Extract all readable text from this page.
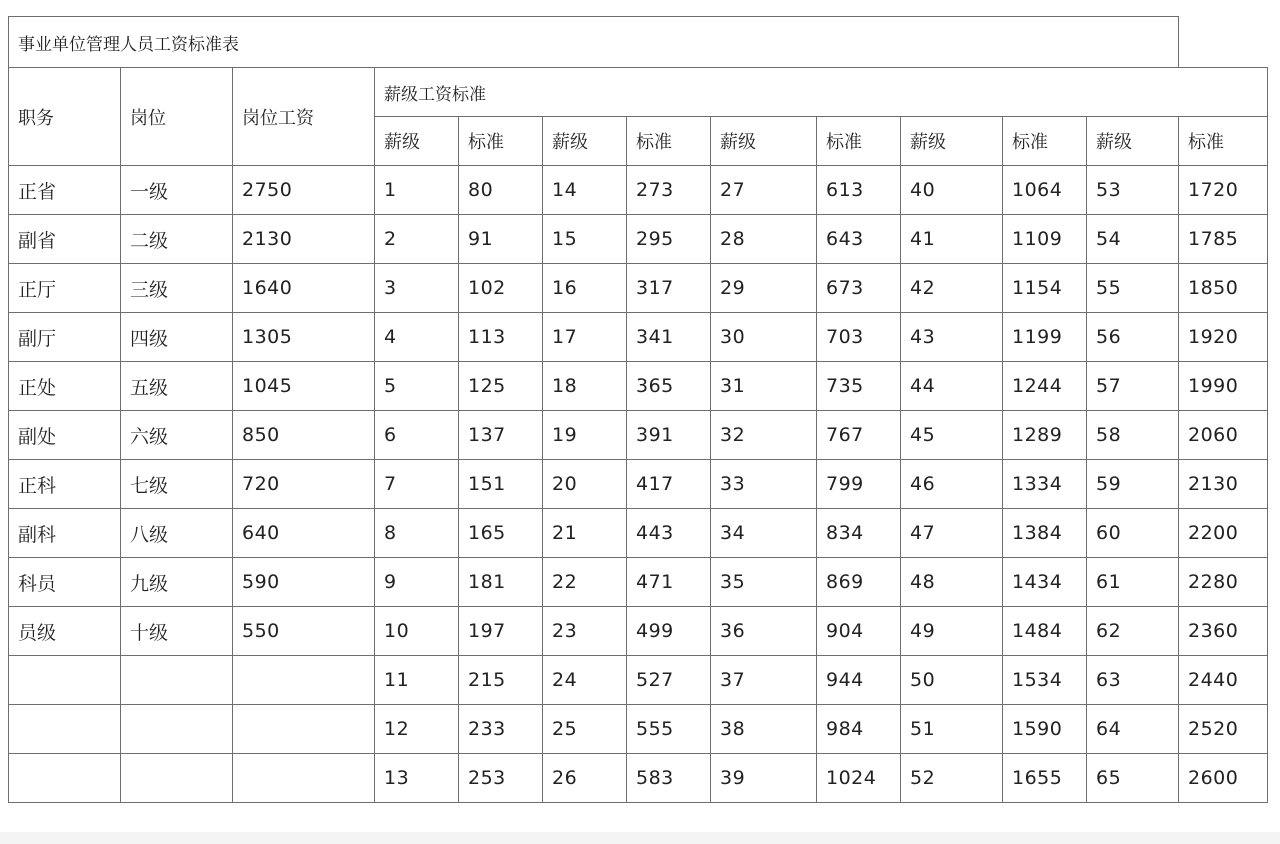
事业单位管理人员工资标准表												
职务	岗位	岗位工资	薪级工资标准									
			薪级	标准	薪级	标准	薪级	标准	薪级	标准	薪级	标准
正省	一级	2750	1	80	14	273	27	613	40	1064	53	1720
副省	二级	2130	2	91	15	295	28	643	41	1109	54	1785
正厅	三级	1640	3	102	16	317	29	673	42	1154	55	1850
副厅	四级	1305	4	113	17	341	30	703	43	1199	56	1920
正处	五级	1045	5	125	18	365	31	735	44	1244	57	1990
副处	六级	850	6	137	19	391	32	767	45	1289	58	2060
正科	七级	720	7	151	20	417	33	799	46	1334	59	2130
副科	八级	640	8	165	21	443	34	834	47	1384	60	2200
科员	九级	590	9	181	22	471	35	869	48	1434	61	2280
员级	十级	550	10	197	23	499	36	904	49	1484	62	2360
			11	215	24	527	37	944	50	1534	63	2440
			12	233	25	555	38	984	51	1590	64	2520
			13	253	26	583	39	1024	52	1655	65	2600
